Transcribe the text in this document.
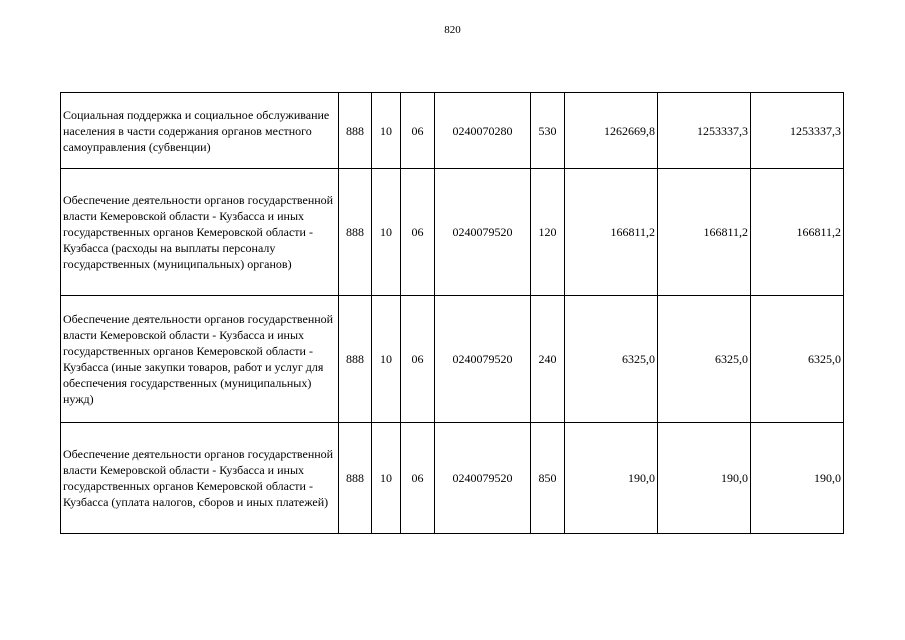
820
Социальная поддержка и социальное обслуживание населения в части содержания органов местного самоуправления (субвенции)	888	10	06	0240070280	530	1262669,8	1253337,3	1253337,3
Обеспечение деятельности органов государственной власти Кемеровской области - Кузбасса и иных государственных органов Кемеровской области - Кузбасса (расходы на выплаты персоналу государственных (муниципальных) органов)	888	10	06	0240079520	120	166811,2	166811,2	166811,2
Обеспечение деятельности органов государственной власти Кемеровской области - Кузбасса и иных государственных органов Кемеровской области - Кузбасса (иные закупки товаров, работ и услуг для обеспечения государственных (муниципальных) нужд)	888	10	06	0240079520	240	6325,0	6325,0	6325,0
Обеспечение деятельности органов государственной власти Кемеровской области - Кузбасса и иных государственных органов Кемеровской области - Кузбасса (уплата налогов, сборов и иных платежей)	888	10	06	0240079520	850	190,0	190,0	190,0
